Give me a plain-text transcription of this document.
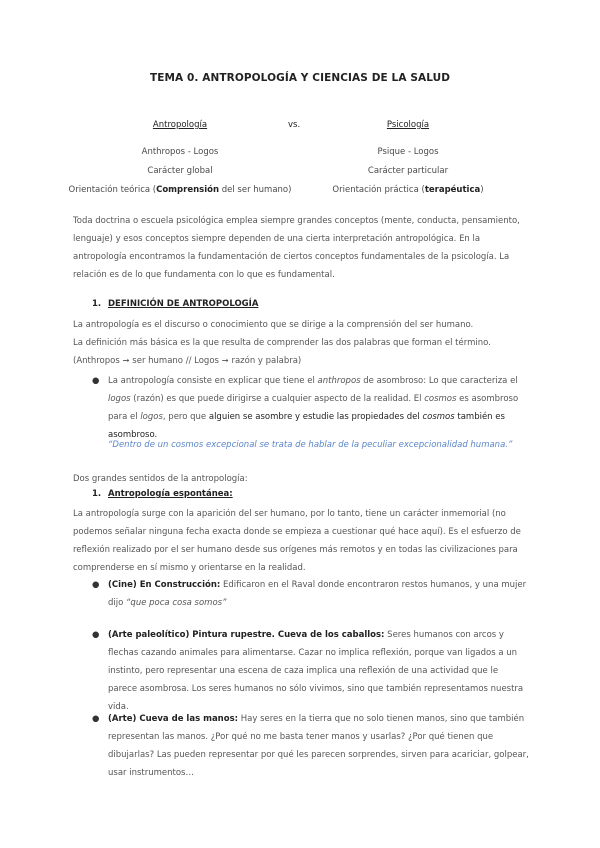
TEMA 0. ANTROPOLOGÍA Y CIENCIAS DE LA SALUD
Antropología
Anthropos - Logos
Carácter global
Orientación teórica (Comprensión del ser humano)
vs.	Psicología
Psique - Logos
Carácter particular
Orientación práctica (terapéutica)
Toda doctrina o escuela psicológica emplea siempre grandes conceptos (mente, conducta, pensamiento, lenguaje) y esos conceptos siempre dependen de una cierta interpretación antropológica. En la antropología encontramos la fundamentación de ciertos conceptos fundamentales de la psicología. La relación es de lo que fundamenta con lo que es fundamental.
1. DEFINICIÓN DE ANTROPOLOGÍA
La antropología es el discurso o conocimiento que se dirige a la comprensión del ser humano.
La definición más básica es la que resulta de comprender las dos palabras que forman el término. (Anthropos ➞ ser humano // Logos ➞ razón y palabra)
● La antropología consiste en explicar que tiene el anthropos de asombroso: Lo que caracteriza el logos (razón) es que puede dirigirse a cualquier aspecto de la realidad. El cosmos es asombroso para el logos, pero que alguien se asombre y estudie las propiedades del cosmos también es asombroso.
“Dentro de un cosmos excepcional se trata de hablar de la peculiar excepcionalidad humana.”
Dos grandes sentidos de la antropología:
1. Antropología espontánea:
La antropología surge con la aparición del ser humano, por lo tanto, tiene un carácter inmemorial (no podemos señalar ninguna fecha exacta donde se empieza a cuestionar qué hace aquí). Es el esfuerzo de reflexión realizado por el ser humano desde sus orígenes más remotos y en todas las civilizaciones para comprenderse en sí mismo y orientarse en la realidad.
● (Cine) En Construcción: Edificaron en el Raval donde encontraron restos humanos, y una mujer dijo “que poca cosa somos”
● (Arte paleolítico) Pintura rupestre. Cueva de los caballos: Seres humanos con arcos y flechas cazando animales para alimentarse. Cazar no implica reflexión, porque van ligados a un instinto, pero representar una escena de caza implica una reflexión de una actividad que le parece asombrosa. Los seres humanos no sólo vivimos, sino que también representamos nuestra vida.
● (Arte) Cueva de las manos: Hay seres en la tierra que no solo tienen manos, sino que también representan las manos. ¿Por qué no me basta tener manos y usarlas? ¿Por qué tienen que dibujarlas? Las pueden representar por qué les parecen sorprendes, sirven para acariciar, golpear, usar instrumentos…
